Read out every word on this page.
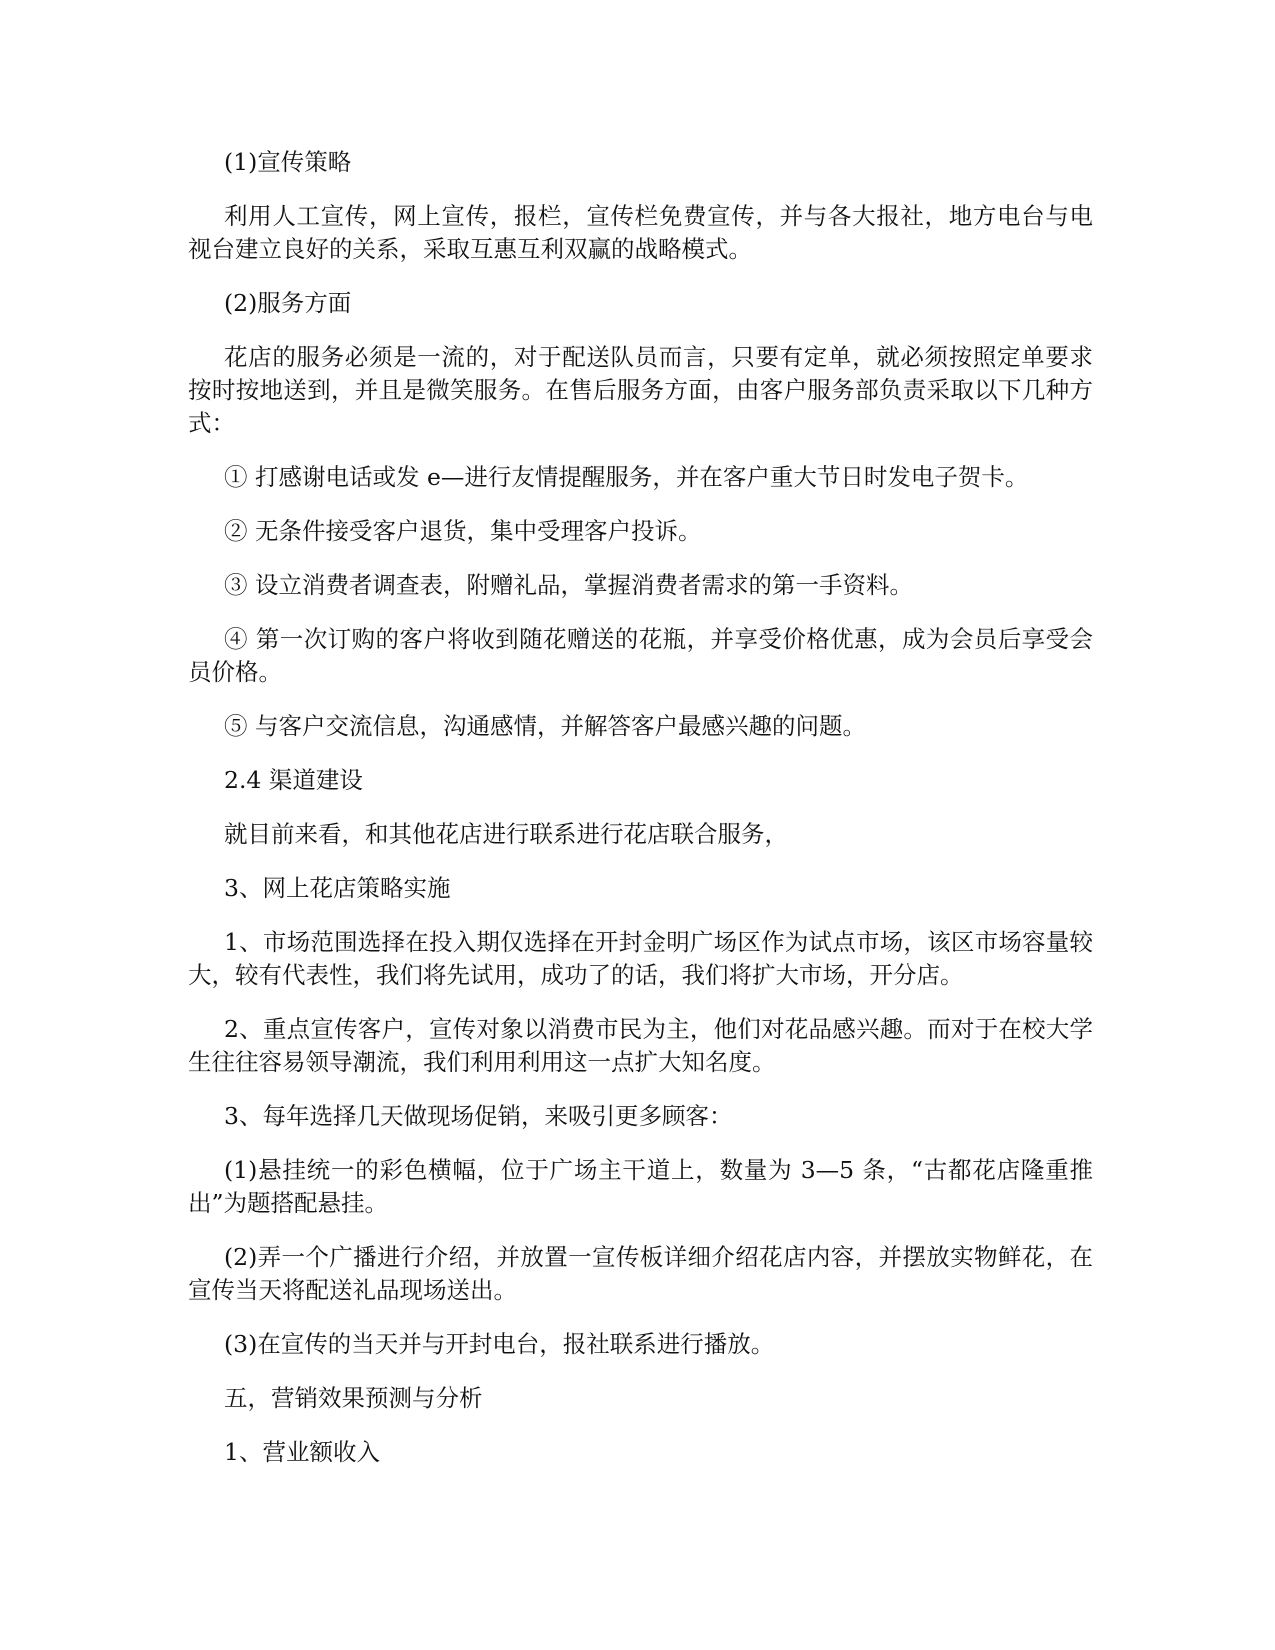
(1)宣传策略

利用人工宣传，网上宣传，报栏，宣传栏免费宣传，并与各大报社，地方电台与电视台建立良好的关系，采取互惠互利双赢的战略模式。

(2)服务方面

花店的服务必须是一流的，对于配送队员而言，只要有定单，就必须按照定单要求按时按地送到，并且是微笑服务。在售后服务方面，由客户服务部负责采取以下几种方式：

① 打感谢电话或发 e—进行友情提醒服务，并在客户重大节日时发电子贺卡。

② 无条件接受客户退货，集中受理客户投诉。

③ 设立消费者调查表，附赠礼品，掌握消费者需求的第一手资料。

④ 第一次订购的客户将收到随花赠送的花瓶，并享受价格优惠，成为会员后享受会员价格。

⑤ 与客户交流信息，沟通感情，并解答客户最感兴趣的问题。

2.4 渠道建设

就目前来看，和其他花店进行联系进行花店联合服务，

3、网上花店策略实施

1、市场范围选择在投入期仅选择在开封金明广场区作为试点市场，该区市场容量较大，较有代表性，我们将先试用，成功了的话，我们将扩大市场，开分店。

2、重点宣传客户，宣传对象以消费市民为主，他们对花品感兴趣。而对于在校大学生往往容易领导潮流，我们利用利用这一点扩大知名度。

3、每年选择几天做现场促销，来吸引更多顾客：

(1)悬挂统一的彩色横幅，位于广场主干道上，数量为 3—5 条，“古都花店隆重推出”为题搭配悬挂。

(2)弄一个广播进行介绍，并放置一宣传板详细介绍花店内容，并摆放实物鲜花，在宣传当天将配送礼品现场送出。

(3)在宣传的当天并与开封电台，报社联系进行播放。

五，营销效果预测与分析

1、营业额收入
